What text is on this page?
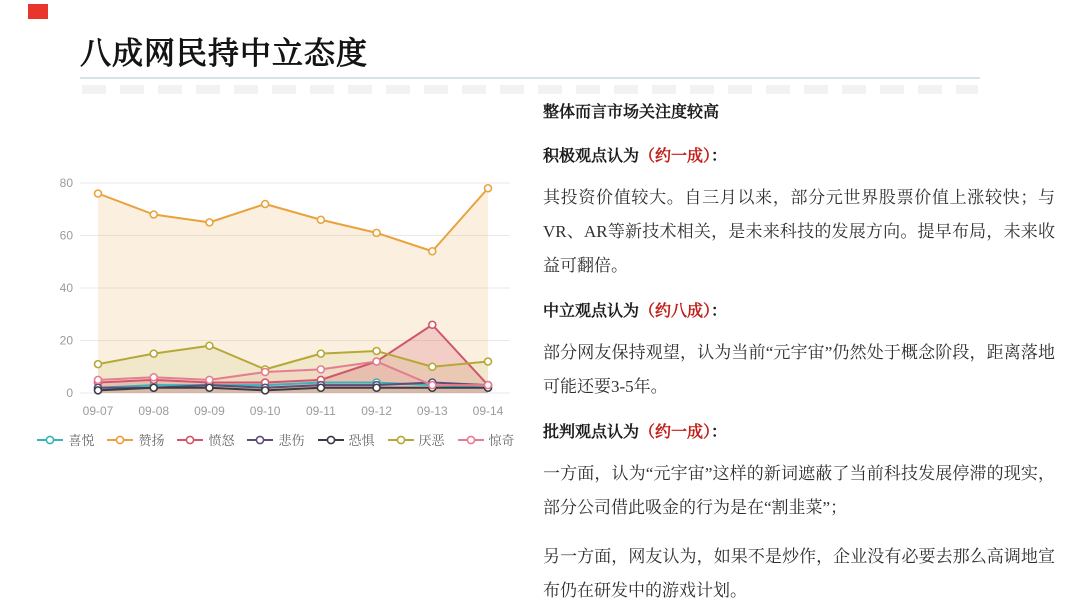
八成网民持中立态度
0
20
40
60
80
09-07 09-08 09-09 09-10 09-11 09-12 09-13 09-14
喜悦	赞扬	愤怒	悲伤	恐惧	厌恶	惊奇
整体而言市场关注度较高
积极观点认为（约一成）：

其投资价值较大。自三月以来，部分元世界股票价值上涨较快；与VR、AR等新技术相关，是未来科技的发展方向。提早布局，未来收益可翻倍。

中立观点认为（约八成）：

部分网友保持观望，认为当前“元宇宙”仍然处于概念阶段，距离落地可能还要3-5年。

批判观点认为（约一成）：

一方面，认为“元宇宙”这样的新词遮蔽了当前科技发展停滞的现实，部分公司借此吸金的行为是在“割韭菜”；

另一方面，网友认为，如果不是炒作，企业没有必要去那么高调地宣布仍在研发中的游戏计划。
